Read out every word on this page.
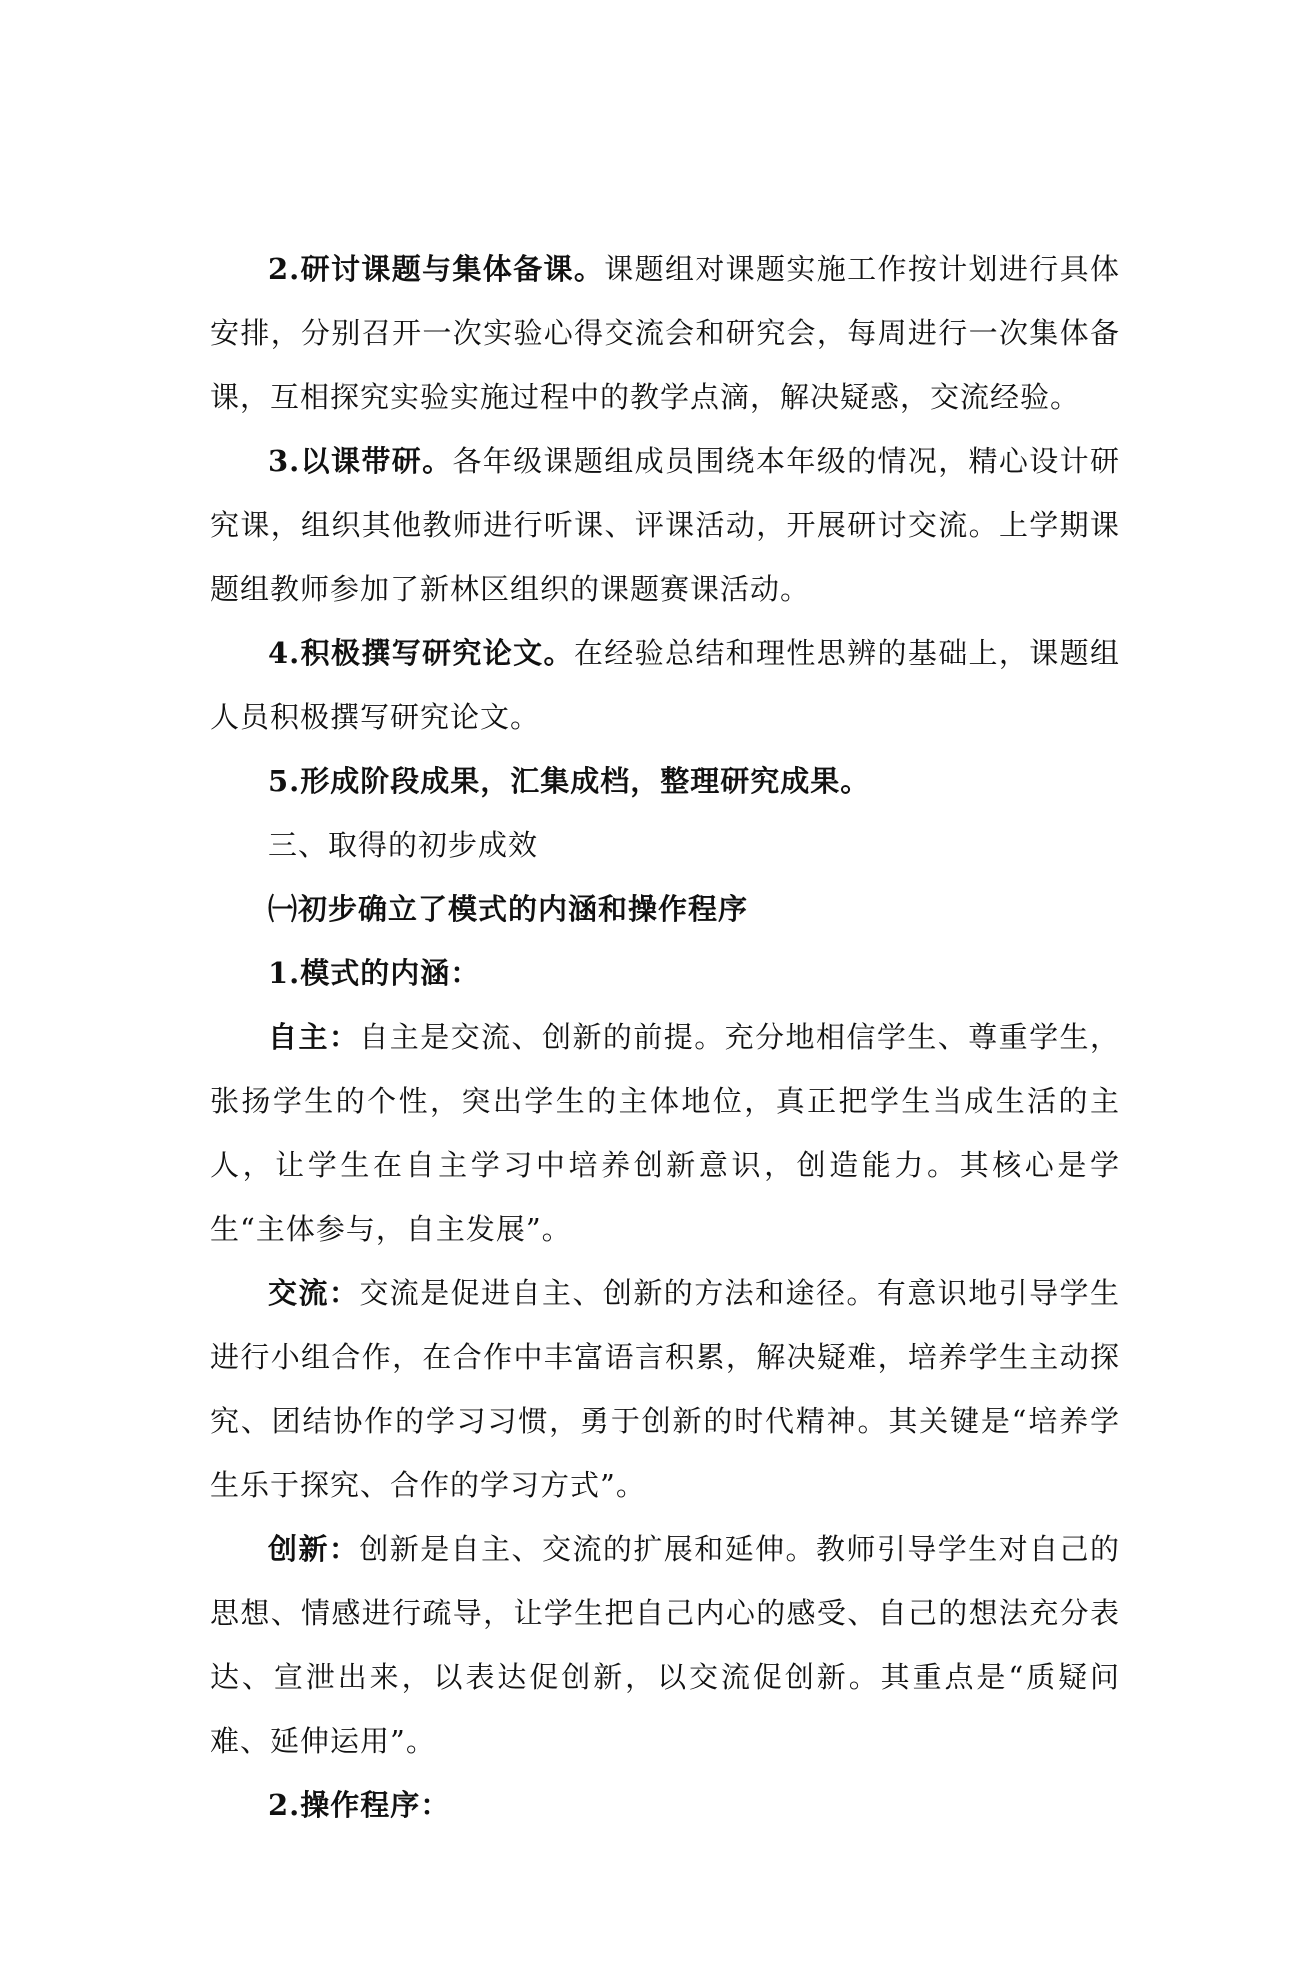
2.研讨课题与集体备课。课题组对课题实施工作按计划进行具体安排，分别召开一次实验心得交流会和研究会，每周进行一次集体备课，互相探究实验实施过程中的教学点滴，解决疑惑，交流经验。

3.以课带研。各年级课题组成员围绕本年级的情况，精心设计研究课，组织其他教师进行听课、评课活动，开展研讨交流。上学期课题组教师参加了新林区组织的课题赛课活动。

4.积极撰写研究论文。在经验总结和理性思辨的基础上，课题组人员积极撰写研究论文。

5.形成阶段成果，汇集成档，整理研究成果。

三、取得的初步成效

㈠初步确立了模式的内涵和操作程序

1.模式的内涵：

自主：自主是交流、创新的前提。充分地相信学生、尊重学生，张扬学生的个性，突出学生的主体地位，真正把学生当成生活的主人，让学生在自主学习中培养创新意识，创造能力。其核心是学生“主体参与，自主发展”。

交流：交流是促进自主、创新的方法和途径。有意识地引导学生进行小组合作，在合作中丰富语言积累，解决疑难，培养学生主动探究、团结协作的学习习惯，勇于创新的时代精神。其关键是“培养学生乐于探究、合作的学习方式”。

创新：创新是自主、交流的扩展和延伸。教师引导学生对自己的思想、情感进行疏导，让学生把自己内心的感受、自己的想法充分表达、宣泄出来，以表达促创新，以交流促创新。其重点是“质疑问难、延伸运用”。

2.操作程序：
